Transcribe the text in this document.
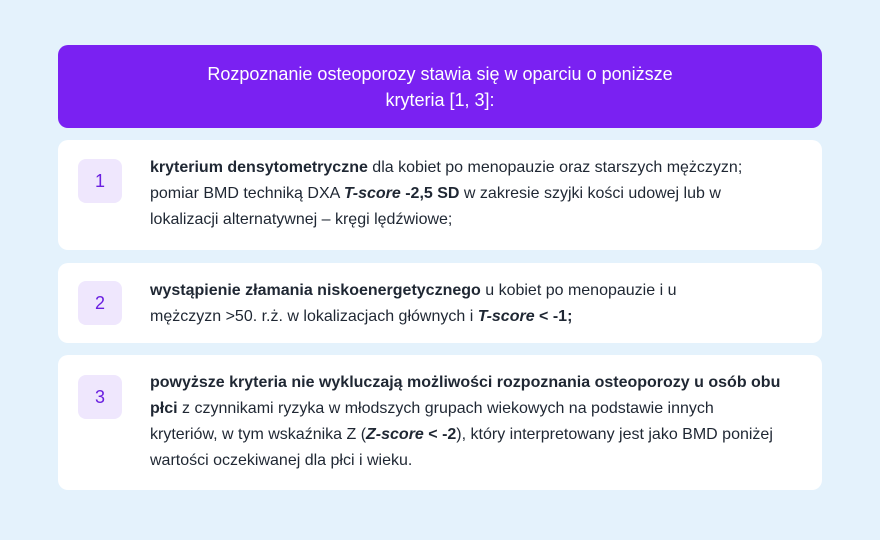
Rozpoznanie osteoporozy stawia się w oparciu o poniższe kryteria [1, 3]:
1
kryterium densytometryczne dla kobiet po menopauzie oraz starszych mężczyzn; pomiar BMD techniką DXA T-score -2,5 SD w zakresie szyjki kości udowej lub w lokalizacji alternatywnej – kręgi lędźwiowe;
2
wystąpienie złamania niskoenergetycznego u kobiet po menopauzie i u mężczyzn >50. r.ż. w lokalizacjach głównych i T-score < -1;
3
powyższe kryteria nie wykluczają możliwości rozpoznania osteoporozy u osób obu płci z czynnikami ryzyka w młodszych grupach wiekowych na podstawie innych kryteriów, w tym wskaźnika Z (Z-score < -2), który interpretowany jest jako BMD poniżej wartości oczekiwanej dla płci i wieku.
